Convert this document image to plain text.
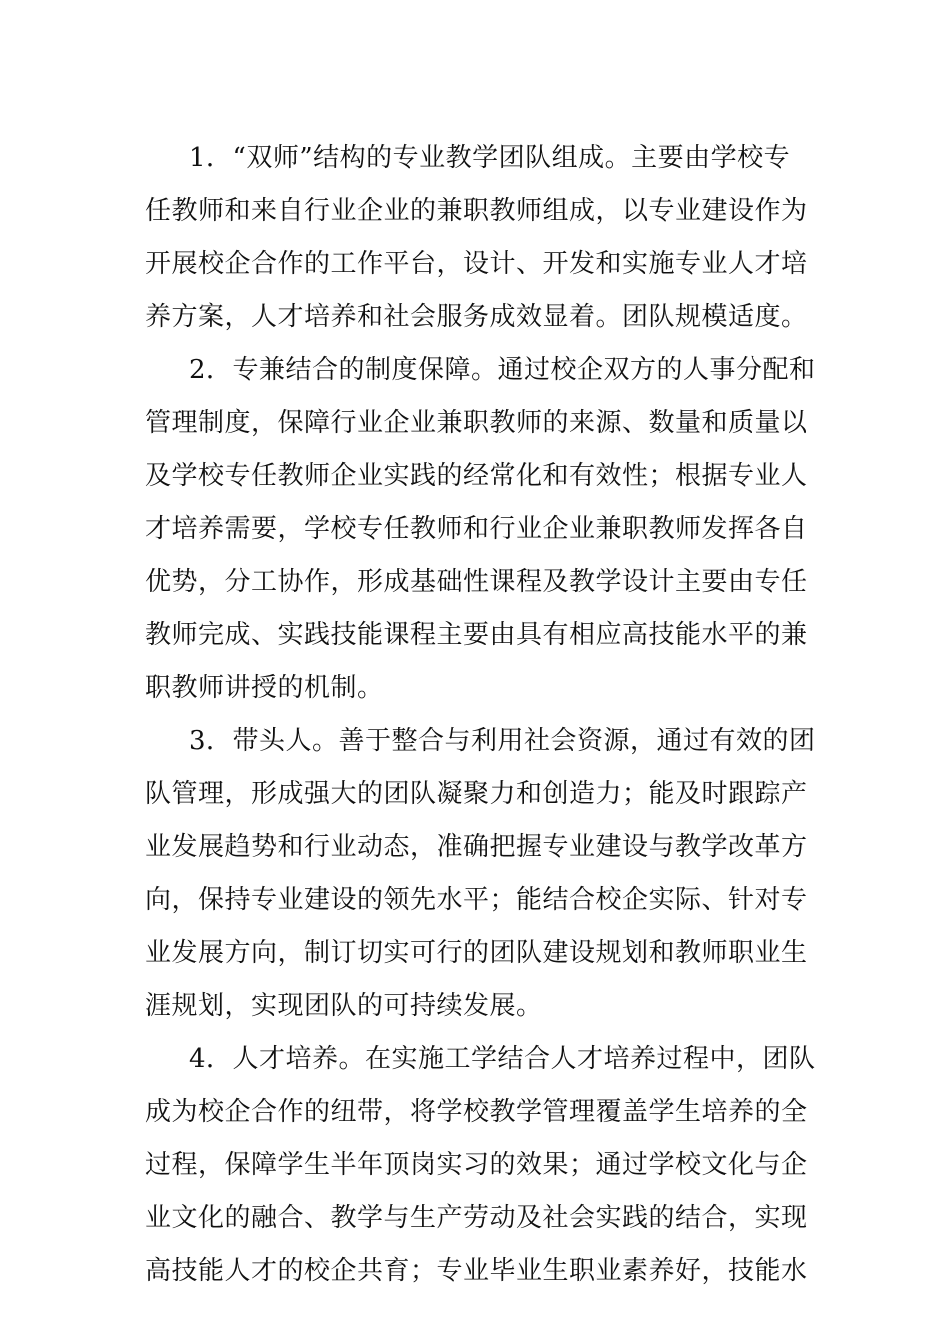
1．“双师”结构的专业教学团队组成。主要由学校专
任教师和来自行业企业的兼职教师组成，以专业建设作为
开展校企合作的工作平台，设计、开发和实施专业人才培
养方案，人才培养和社会服务成效显着。团队规模适度。
2．专兼结合的制度保障。通过校企双方的人事分配和
管理制度，保障行业企业兼职教师的来源、数量和质量以
及学校专任教师企业实践的经常化和有效性；根据专业人
才培养需要，学校专任教师和行业企业兼职教师发挥各自
优势，分工协作，形成基础性课程及教学设计主要由专任
教师完成、实践技能课程主要由具有相应高技能水平的兼
职教师讲授的机制。
3．带头人。善于整合与利用社会资源，通过有效的团
队管理，形成强大的团队凝聚力和创造力；能及时跟踪产
业发展趋势和行业动态，准确把握专业建设与教学改革方
向，保持专业建设的领先水平；能结合校企实际、针对专
业发展方向，制订切实可行的团队建设规划和教师职业生
涯规划，实现团队的可持续发展。
4．人才培养。在实施工学结合人才培养过程中，团队
成为校企合作的纽带，将学校教学管理覆盖学生培养的全
过程，保障学生半年顶岗实习的效果；通过学校文化与企
业文化的融合、教学与生产劳动及社会实践的结合，实现
高技能人才的校企共育；专业毕业生职业素养好，技能水
